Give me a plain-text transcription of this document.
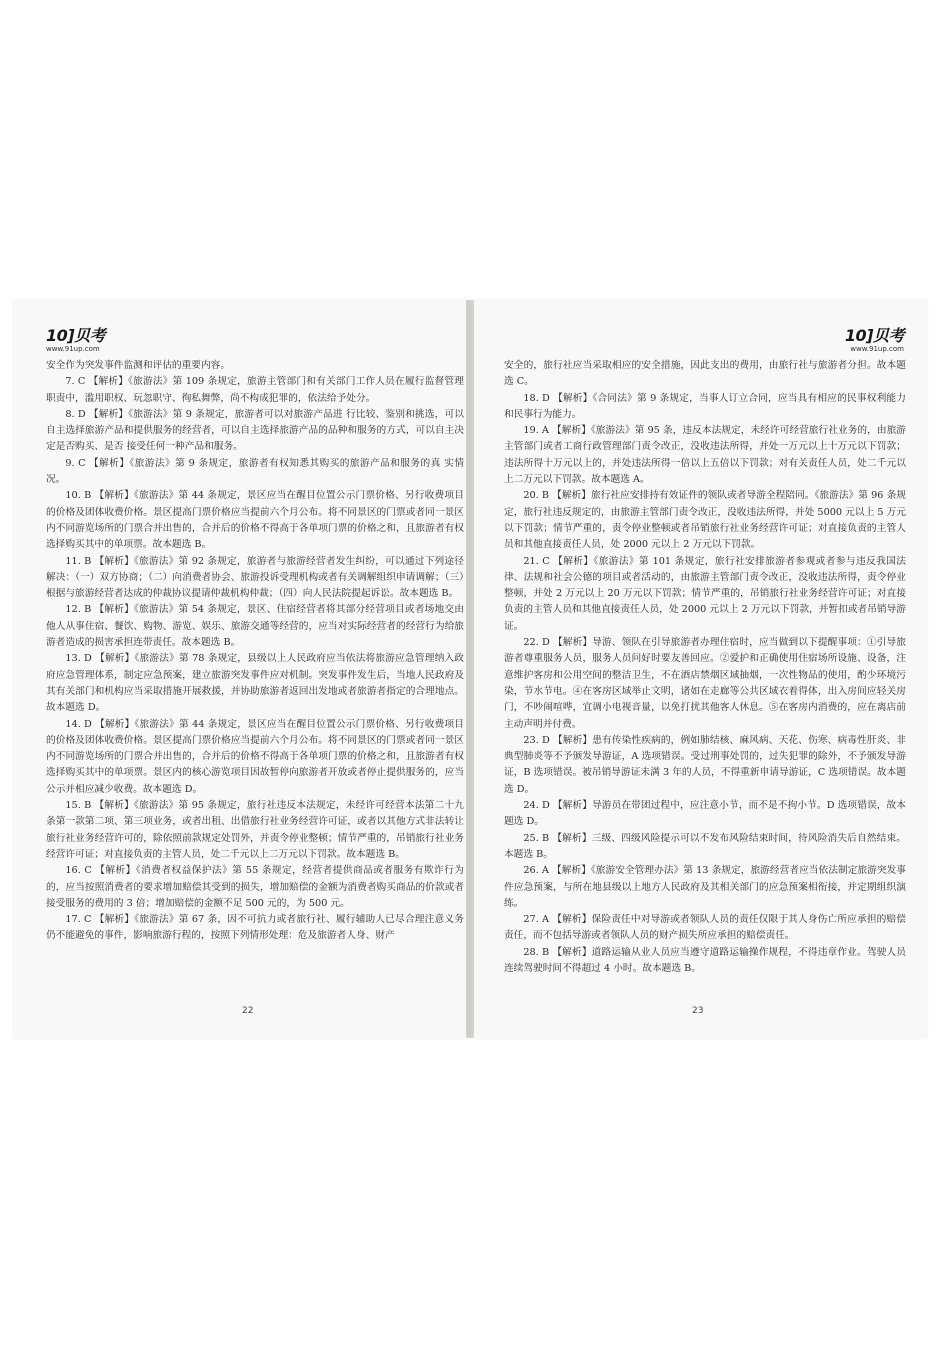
10]贝考
www.91up.com

安全作为突发事件监测和评估的重要内容。

7. C 【解析】《旅游法》第 109 条规定，旅游主管部门和有关部门工作人员在履行监督管理职责中，滥用职权、玩忽职守、徇私舞弊，尚不构成犯罪的，依法给予处分。

8. D 【解析】《旅游法》第 9 条规定，旅游者可以对旅游产品进 行比较、鉴别和挑选，可以自主选择旅游产品和提供服务的经营者，可以自主选择旅游产品的品种和服务的方式，可以自主决定是否购买、是否 接受任何一种产品和服务。

9. C 【解析】《旅游法》第 9 条规定，旅游者有权知悉其购买的旅游产品和服务的真 实情况。

10. B 【解析】《旅游法》第 44 条规定，景区应当在醒目位置公示门票价格、另行收费项目的价格及团体收费价格。景区提高门票价格应当提前六个月公布。将不同景区的门票或者同一景区内不同游览场所的门票合并出售的，合并后的价格不得高于各单项门票的价格之和，且旅游者有权选择购买其中的单项票。故本题选 B。

11. B 【解析】《旅游法》第 92 条规定，旅游者与旅游经营者发生纠纷，可以通过下列途径解决：（一）双方协商；（二）向消费者协会、旅游投诉受理机构或者有关调解组织申请调解；（三）根据与旅游经营者达成的仲裁协议提请仲裁机构仲裁；（四）向人民法院提起诉讼。故本题选 B。

12. B 【解析】《旅游法》第 54 条规定，景区、住宿经营者将其部分经营项目或者场地交由他人从事住宿、餐饮、购物、游览、娱乐、旅游交通等经营的，应当对实际经营者的经营行为给旅游者造成的损害承担连带责任。故本题选 B。

13. D 【解析】《旅游法》第 78 条规定，县级以上人民政府应当依法将旅游应急管理纳入政府应急管理体系，制定应急预案，建立旅游突发事件应对机制。突发事件发生后，当地人民政府及其有关部门和机构应当采取措施开展救援，并协助旅游者返回出发地或者旅游者指定的合理地点。故本题选 D。

14. D 【解析】《旅游法》第 44 条规定，景区应当在醒目位置公示门票价格、另行收费项目的价格及团体收费价格。景区提高门票价格应当提前六个月公布。将不同景区的门票或者同一景区内不同游览场所的门票合并出售的，合并后的价格不得高于各单项门票的价格之和，且旅游者有权选择购买其中的单项票。景区内的核心游览项目因故暂停向旅游者开放或者停止提供服务的，应当公示并相应减少收费。故本题选 D。

15. B 【解析】《旅游法》第 95 条规定，旅行社违反本法规定，未经许可经营本法第二十九条第一款第二项、第三项业务，或者出租、出借旅行社业务经营许可证，或者以其他方式非法转让旅行社业务经营许可的，除依照前款规定处罚外，并责令停业整顿；情节严重的，吊销旅行社业务经营许可证；对直接负责的主管人员，处二千元以上二万元以下罚款。故本题选 B。

16. C 【解析】《消费者权益保护法》第 55 条规定，经营者提供商品或者服务有欺诈行为的，应当按照消费者的要求增加赔偿其受到的损失，增加赔偿的金额为消费者购买商品的价款或者接受服务的费用的 3 倍；增加赔偿的金额不足 500 元的，为 500 元。

17. C 【解析】《旅游法》第 67 条，因不可抗力或者旅行社、履行辅助人已尽合理注意义务仍不能避免的事件，影响旅游行程的，按照下列情形处理：危及旅游者人身、财产

22
10]贝考
www.91up.com

安全的，旅行社应当采取相应的安全措施，因此支出的费用，由旅行社与旅游者分担。故本题选 C。

18. D 【解析】《合同法》第 9 条规定，当事人订立合同，应当具有相应的民事权利能力和民事行为能力。

19. A 【解析】《旅游法》第 95 条，违反本法规定，未经许可经营旅行社业务的，由旅游主管部门或者工商行政管理部门责令改正，没收违法所得，并处一万元以上十万元以下罚款；违法所得十万元以上的，并处违法所得一倍以上五倍以下罚款；对有关责任人员，处二千元以上二万元以下罚款。故本题选 A。

20. B 【解析】旅行社应安排持有效证件的领队或者导游全程陪同。《旅游法》第 96 条规定，旅行社违反规定的，由旅游主管部门责令改正，没收违法所得，并处 5000 元以上 5 万元以下罚款；情节严重的，责令停业整顿或者吊销旅行社业务经营许可证；对直接负责的主管人员和其他直接责任人员，处 2000 元以上 2 万元以下罚款。

21. C 【解析】《旅游法》第 101 条规定，旅行社安排旅游者参观或者参与违反我国法律、法规和社会公德的项目或者活动的，由旅游主管部门责令改正，没收违法所得，责令停业整顿，并处 2 万元以上 20 万元以下罚款；情节严重的，吊销旅行社业务经营许可证；对直接负责的主管人员和其他直接责任人员，处 2000 元以上 2 万元以下罚款，并暂扣或者吊销导游证。

22. D 【解析】导游、领队在引导旅游者办理住宿时，应当做到以下提醒事项：①引导旅游者尊重服务人员，服务人员问好时要友善回应。②爱护和正确使用住宿场所设施、设备，注意维护客房和公用空间的整洁卫生，不在酒店禁烟区域抽烟，一次性物品的使用，酌少环境污染，节水节电。④在客房区域举止文明，诸如在走廊等公共区域衣着得体，出入房间应轻关房门，不吵闹喧哗，宜调小电视音量，以免打扰其他客人休息。⑤在客房内消费的，应在离店前主动声明并付费。

23. D 【解析】患有传染性疾病的，例如肺结核、麻风病、天花、伤寒、病毒性肝炎、非典型肺炎等不予颁发导游证，A 选项错误。受过刑事处罚的，过失犯罪的除外，不予颁发导游证，B 选项错误。被吊销导游证未满 3 年的人员，不得重新申请导游证，C 选项错误。故本题选 D。

24. D 【解析】导游员在带团过程中，应注意小节，而不是不拘小节。D 选项错误，故本题选 D。

25. B 【解析】三级、四级风险提示可以不发布风险结束时间，待风险消失后自然结束。本题选 B。

26. A 【解析】《旅游安全管理办法》第 13 条规定，旅游经营者应当依法制定旅游突发事件应急预案，与所在地县级以上地方人民政府及其相关部门的应急预案相衔接，并定期组织演练。

27. A 【解析】保险责任中对导游或者领队人员的责任仅限于其人身伤亡所应承担的赔偿责任，而不包括导游或者领队人员的财产损失所应承担的赔偿责任。

28. B 【解析】道路运输从业人员应当遵守道路运输操作规程，不得违章作业。驾驶人员连续驾驶时间不得超过 4 小时。故本题选 B。

23
